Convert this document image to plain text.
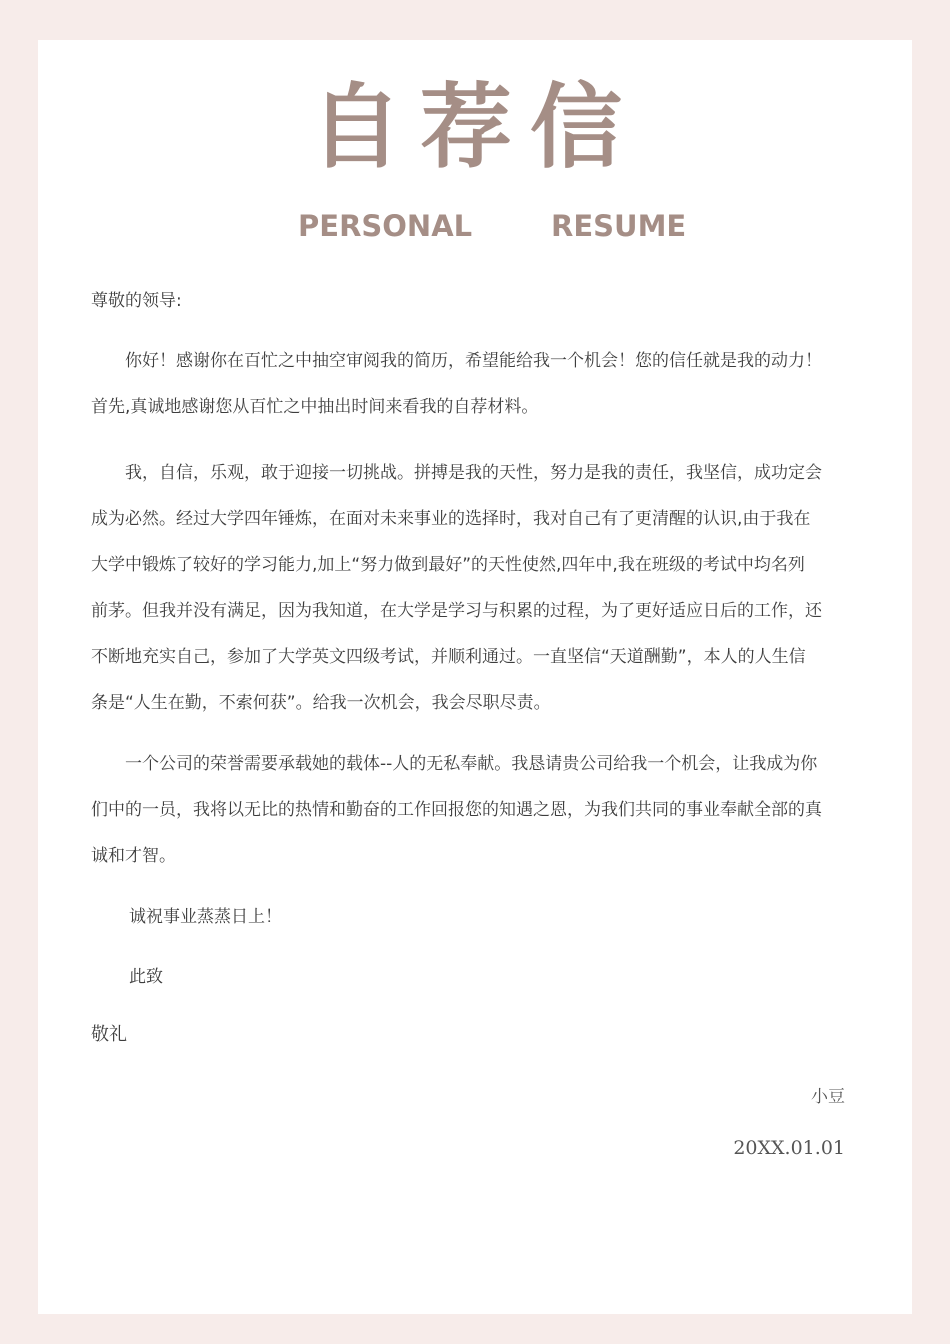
自荐信
PERSONAL	RESUME
尊敬的领导:
你好！感谢你在百忙之中抽空审阅我的简历，希望能给我一个机会！您的信任就是我的动力！
首先,真诚地感谢您从百忙之中抽出时间来看我的自荐材料。
我，自信，乐观，敢于迎接一切挑战。拼搏是我的天性，努力是我的责任，我坚信，成功定会
成为必然。经过大学四年锤炼，在面对未来事业的选择时，我对自己有了更清醒的认识,由于我在
大学中锻炼了较好的学习能力,加上“努力做到最好”的天性使然,四年中,我在班级的考试中均名列
前茅。但我并没有满足，因为我知道，在大学是学习与积累的过程，为了更好适应日后的工作，还
不断地充实自己，参加了大学英文四级考试，并顺利通过。一直坚信“天道酬勤”，本人的人生信
条是“人生在勤，不索何获”。给我一次机会，我会尽职尽责。
一个公司的荣誉需要承载她的载体--人的无私奉献。我恳请贵公司给我一个机会，让我成为你
们中的一员，我将以无比的热情和勤奋的工作回报您的知遇之恩，为我们共同的事业奉献全部的真
诚和才智。
诚祝事业蒸蒸日上！
此致
敬礼
小豆
20XX.01.01
